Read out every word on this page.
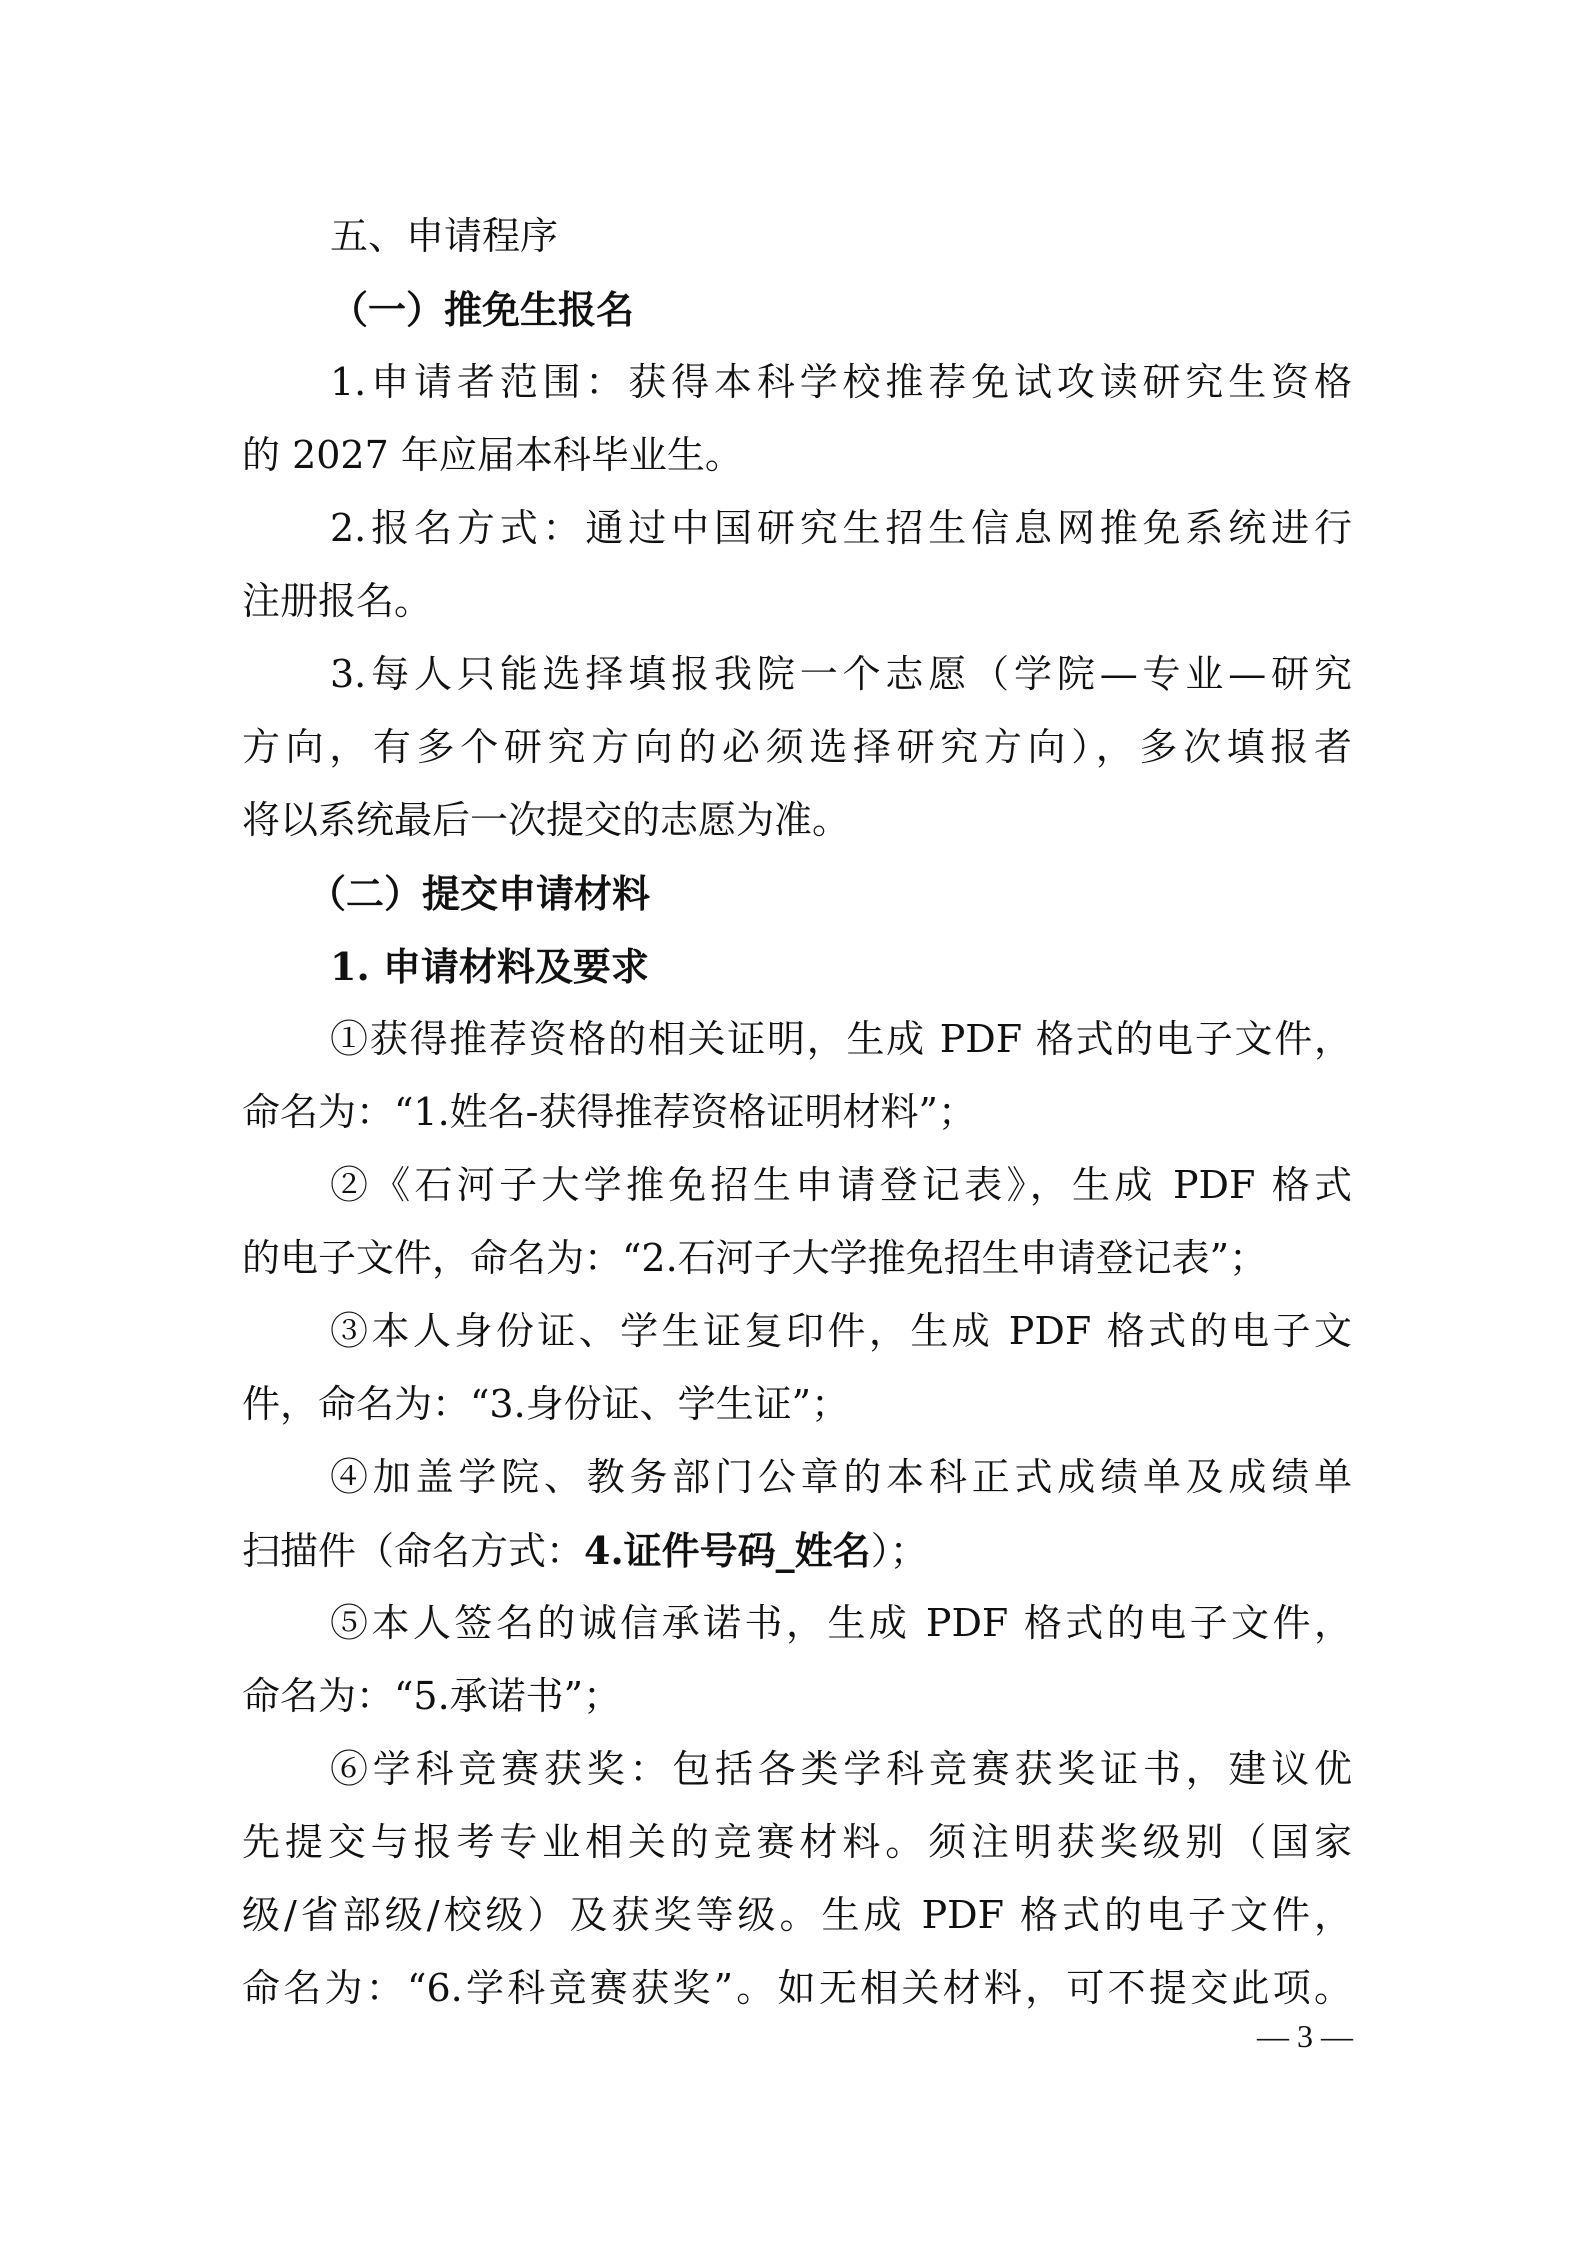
五、申请程序
（一）推免生报名
1.申请者范围：获得本科学校推荐免试攻读研究生资格
的 2027 年应届本科毕业生。
2.报名方式：通过中国研究生招生信息网推免系统进行
注册报名。
3.每人只能选择填报我院一个志愿（学院—专业—研究
方向，有多个研究方向的必须选择研究方向），多次填报者
将以系统最后一次提交的志愿为准。
（二）提交申请材料
1. 申请材料及要求
①获得推荐资格的相关证明，生成 PDF 格式的电子文件，
命名为：“1.姓名-获得推荐资格证明材料”；
②《石河子大学推免招生申请登记表》，生成 PDF 格式
的电子文件，命名为：“2.石河子大学推免招生申请登记表”；
③本人身份证、学生证复印件，生成 PDF 格式的电子文
件，命名为：“3.身份证、学生证”；
④加盖学院、教务部门公章的本科正式成绩单及成绩单
扫描件（命名方式：4.证件号码_姓名）；
⑤本人签名的诚信承诺书，生成 PDF 格式的电子文件，
命名为：“5.承诺书”；
⑥学科竞赛获奖：包括各类学科竞赛获奖证书，建议优
先提交与报考专业相关的竞赛材料。须注明获奖级别（国家
级/省部级/校级）及获奖等级。生成 PDF 格式的电子文件，
命名为：“6.学科竞赛获奖”。如无相关材料，可不提交此项。
— 3 —
